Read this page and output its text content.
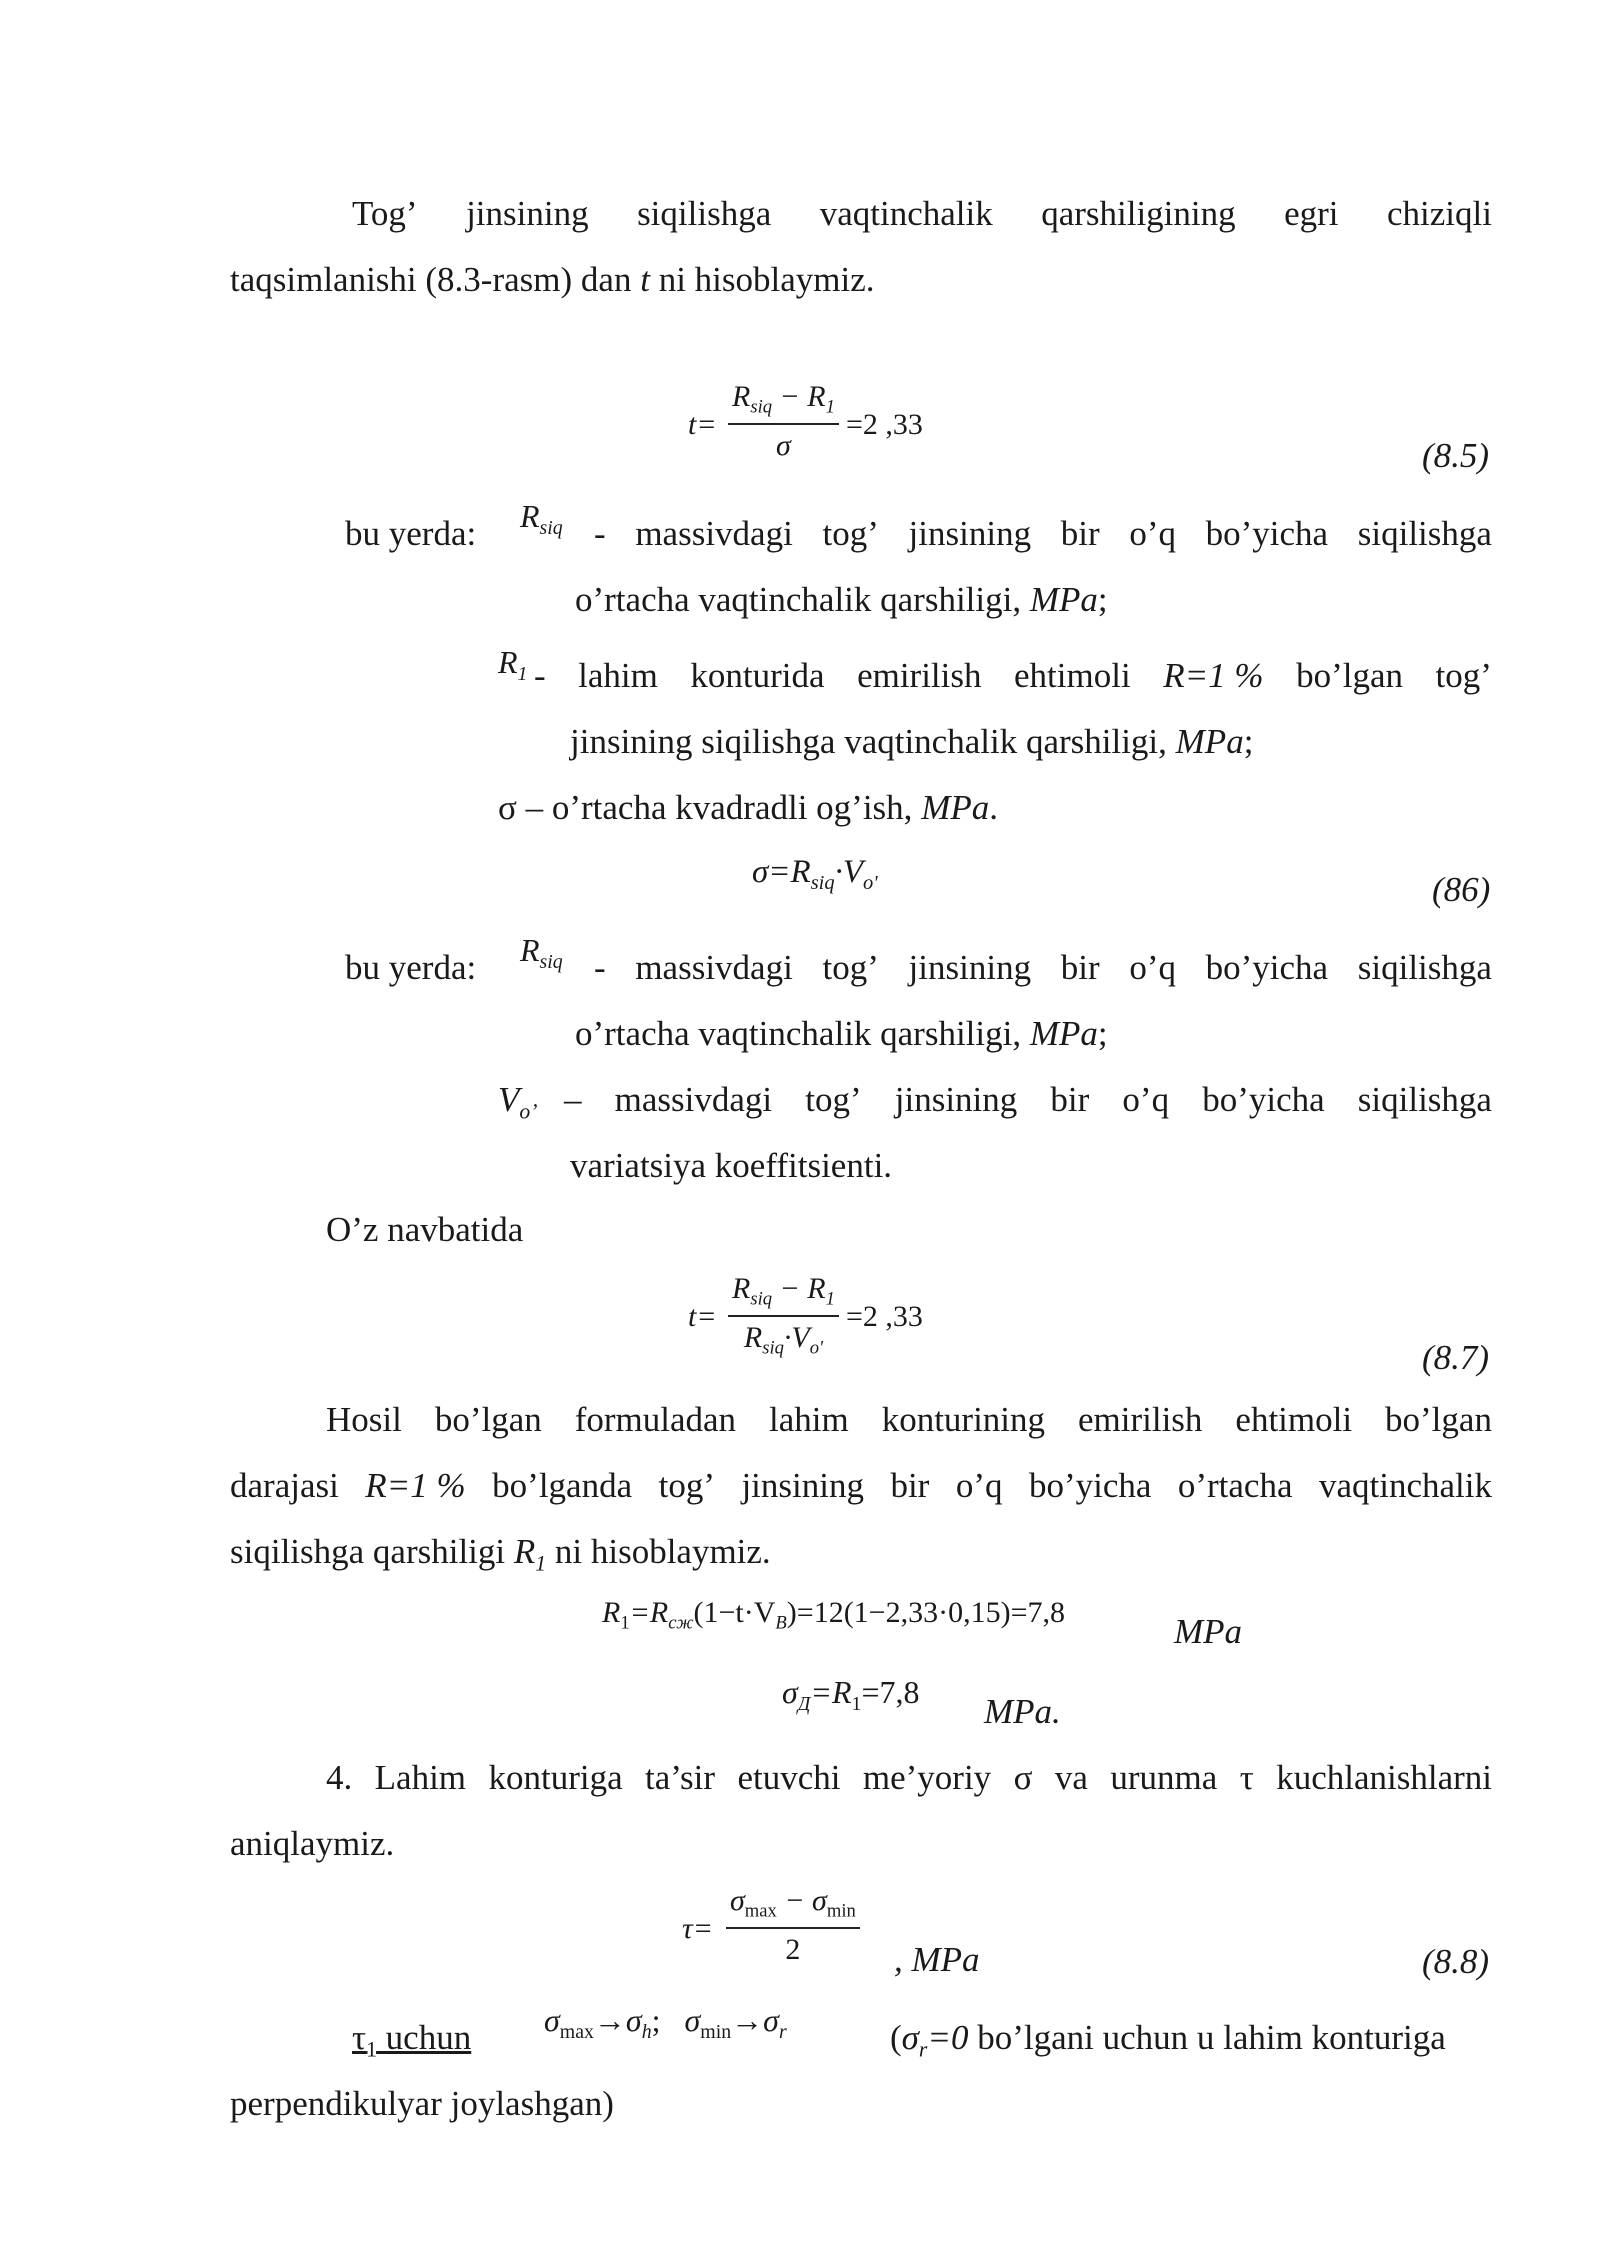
Tog’ jinsining siqilishga vaqtinchalik qarshiligining egri chiziqli
taqsimlanishi (8.3-rasm) dan t ni hisoblaymiz.
t=
$R_{siq} - R_1$
σ
=2 ,33
(8.5)
bu yerda: $R_{siq}$ - massivdagi tog’ jinsining bir o’q bo’yicha siqilishga
o’rtacha vaqtinchalik qarshiligi, MPa;
$R_1$ - lahim konturida emirilish ehtimoli R=1 % bo’lgan tog’
jinsining siqilishga vaqtinchalik qarshiligi, MPa;
σ – o’rtacha kvadradli og’ish, MPa.
$\sigma=R_{siq}\cdot V_{o'}$	(86)
bu yerda: $R_{siq}$ - massivdagi tog’ jinsining bir o’q bo’yicha siqilishga
o’rtacha vaqtinchalik qarshiligi, MPa;
$V_{o’}$ – massivdagi tog’ jinsining bir o’q bo’yicha siqilishga
variatsiya koeffitsienti.
O’z navbatida
t=
$R_{siq} - R_1$
$R_{siq}\cdot V_{o'}$
=2 ,33
(8.7)
Hosil bo’lgan formuladan lahim konturining emirilish ehtimoli bo’lgan
darajasi R=1 % bo’lganda tog’ jinsining bir o’q bo’yicha o’rtacha vaqtinchalik
siqilishga qarshiligi $R_1$ ni hisoblaymiz.
$R_1=R_{сж}(1-t\cdot V_B)=12(1-2,33\cdot 0,15)=7,8$	MPa
$\sigma_Д=R_1=7,8$ MPa.
4. Lahim konturiga ta’sir etuvchi me’yoriy σ va urunma τ kuchlanishlarni
aniqlaymiz.
τ=
$\sigma_{max} - \sigma_{min}$
2	, MPa	(8.8)
$\tau_1$ uchun $\sigma_{max}\to\sigma_h$; $\sigma_{min}\to\sigma_r$	($\sigma_r=0$ bo’lgani uchun u lahim konturiga
perpendikulyar joylashgan)
